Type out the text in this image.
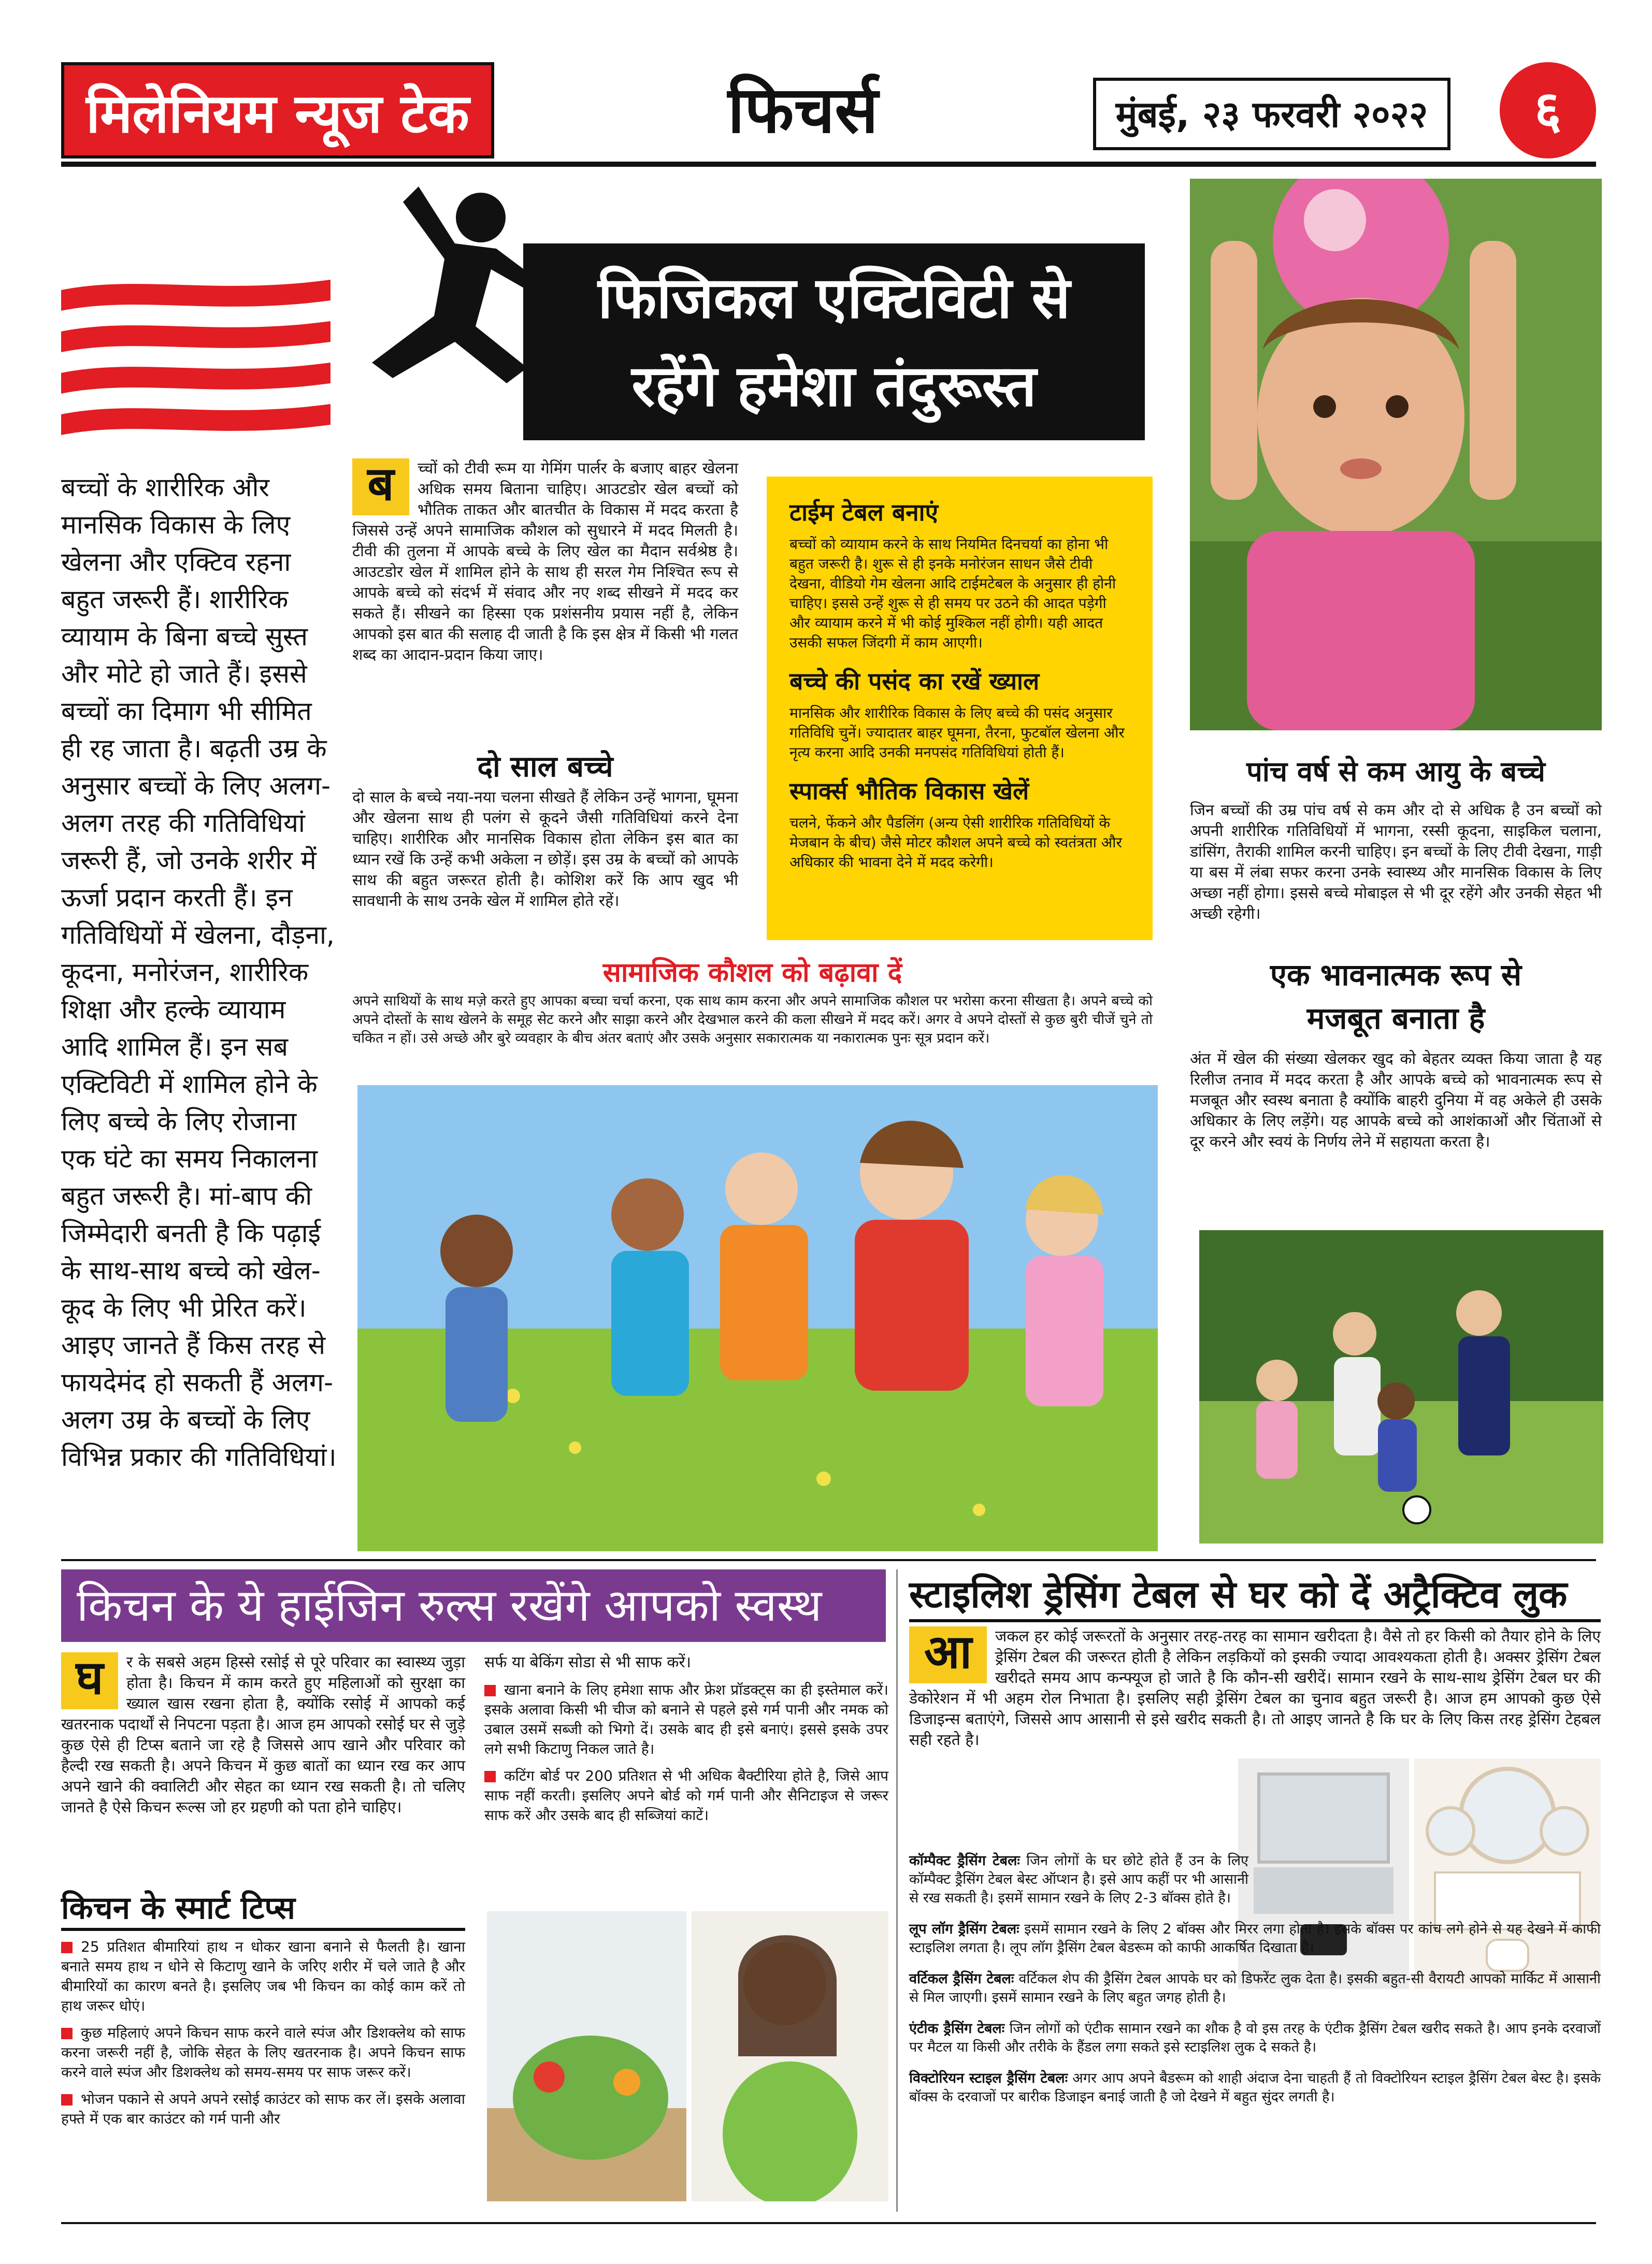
मिलेनियम न्यूज टेक	फिचर्स	मुंबई, २३ फरवरी २०२२	६
फिजिकल एक्टिविटी से
रहेंगे हमेशा तंदुरूस्त
बच्चों के शारीरिक और मानसिक विकास के लिए खेलना और एक्टिव रहना बहुत जरूरी हैं। शारीरिक व्यायाम के बिना बच्चे सुस्त और मोटे हो जाते हैं। इससे बच्चों का दिमाग भी सीमित ही रह जाता है। बढ़ती उम्र के अनुसार बच्चों के लिए अलग-अलग तरह की गतिविधियां जरूरी हैं, जो उनके शरीर में ऊर्जा प्रदान करती हैं। इन गतिविधियों में खेलना, दौड़ना, कूदना, मनोरंजन, शारीरिक शिक्षा और हल्के व्यायाम आदि शामिल हैं। इन सब एक्टिविटी में शामिल होने के लिए बच्चे के लिए रोजाना एक घंटे का समय निकालना बहुत जरूरी है। मां-बाप की जिम्मेदारी बनती है कि पढ़ाई के साथ-साथ बच्चे को खेल-कूद के लिए भी प्रेरित करें। आइए जानते हैं किस तरह से फायदेमंद हो सकती हैं अलग-अलग उम्र के बच्चों के लिए विभिन्न प्रकार की गतिविधियां।
ब	च्चों को टीवी रूम या गेमिंग पार्लर के बजाए बाहर खेलना अधिक समय बिताना चाहिए। आउटडोर खेल बच्चों को भौतिक ताकत और बातचीत के विकास में मदद करता है जिससे उन्हें अपने सामाजिक कौशल को सुधारने में मदद मिलती है। टीवी की तुलना में आपके बच्चे के लिए खेल का मैदान सर्वश्रेष्ठ है। आउटडोर खेल में शामिल होने के साथ ही सरल गेम निश्चित रूप से आपके बच्चे को संदर्भ में संवाद और नए शब्द सीखने में मदद कर सकते हैं। सीखने का हिस्सा एक प्रशंसनीय प्रयास नहीं है, लेकिन आपको इस बात की सलाह दी जाती है कि इस क्षेत्र में किसी भी गलत शब्द का आदान-प्रदान किया जाए।
दो साल बच्चे
दो साल के बच्चे नया-नया चलना सीखते हैं लेकिन उन्हें भागना, घूमना और खेलना साथ ही पलंग से कूदने जैसी गतिविधियां करने देना चाहिए। शारीरिक और मानसिक विकास होता लेकिन इस बात का ध्यान रखें कि उन्हें कभी अकेला न छोड़ें। इस उम्र के बच्चों को आपके साथ की बहुत जरूरत होती है। कोशिश करें कि आप खुद भी सावधानी के साथ उनके खेल में शामिल होते रहें।
टाईम टेबल बनाएं

बच्चों को व्यायाम करने के साथ नियमित दिनचर्या का होना भी बहुत जरूरी है। शुरू से ही इनके मनोरंजन साधन जैसे टीवी देखना, वीडियो गेम खेलना आदि टाईमटेबल के अनुसार ही होनी चाहिए। इससे उन्हें शुरू से ही समय पर उठने की आदत पड़ेगी और व्यायाम करने में भी कोई मुश्किल नहीं होगी। यही आदत उसकी सफल जिंदगी में काम आएगी।

बच्चे की पसंद का रखें ख्याल

मानसिक और शारीरिक विकास के लिए बच्चे की पसंद अनुसार गतिविधि चुनें। ज्यादातर बाहर घूमना, तैरना, फुटबॉल खेलना और नृत्य करना आदि उनकी मनपसंद गतिविधियां होती हैं।

स्पार्क्स भौतिक विकास खेलें

चलने, फेंकने और पैडलिंग (अन्य ऐसी शारीरिक गतिविधियों के मेजबान के बीच) जैसे मोटर कौशल अपने बच्चे को स्वतंत्रता और अधिकार की भावना देने में मदद करेगी।

पांच वर्ष से कम आयु के बच्चे
जिन बच्चों की उम्र पांच वर्ष से कम और दो से अधिक है उन बच्चों को अपनी शारीरिक गतिविधियों में भागना, रस्सी कूदना, साइकिल चलाना, डांसिंग, तैराकी शामिल करनी चाहिए। इन बच्चों के लिए टीवी देखना, गाड़ी या बस में लंबा सफर करना उनके स्वास्थ्य और मानसिक विकास के लिए अच्छा नहीं होगा। इससे बच्चे मोबाइल से भी दूर रहेंगे और उनकी सेहत भी अच्छी रहेगी।
एक भावनात्मक रूप से
मजबूत बनाता है
अंत में खेल की संख्या खेलकर खुद को बेहतर व्यक्त किया जाता है यह रिलीज तनाव में मदद करता है और आपके बच्चे को भावनात्मक रूप से मजबूत और स्वस्थ बनाता है क्योंकि बाहरी दुनिया में वह अकेले ही उसके अधिकार के लिए लड़ेंगे। यह आपके बच्चे को आशंकाओं और चिंताओं से दूर करने और स्वयं के निर्णय लेने में सहायता करता है।
सामाजिक कौशल को बढ़ावा दें
अपने साथियों के साथ मज़े करते हुए आपका बच्चा चर्चा करना, एक साथ काम करना और अपने सामाजिक कौशल पर भरोसा करना सीखता है। अपने बच्चे को अपने दोस्तों के साथ खेलने के समूह सेट करने और साझा करने और देखभाल करने की कला सीखने में मदद करें। अगर वे अपने दोस्तों से कुछ बुरी चीजें चुने तो चकित न हों। उसे अच्छे और बुरे व्यवहार के बीच अंतर बताएं और उसके अनुसार सकारात्मक या नकारात्मक पुनः सूत्र प्रदान करें।
किचन के ये हाईजिन रुल्स रखेंगे आपको स्वस्थ
घ	र के सबसे अहम हिस्से रसोई से पूरे परिवार का स्वास्थ्य जुड़ा होता है। किचन में काम करते हुए महिलाओं को सुरक्षा का ख्याल खास रखना होता है, क्योंकि रसोई में आपको कई खतरनाक पदार्थों से निपटना पड़ता है। आज हम आपको रसोई घर से जुड़े कुछ ऐसे ही टिप्स बताने जा रहे है जिससे आप खाने और परिवार को हैल्दी रख सकती है। अपने किचन में कुछ बातों का ध्यान रख कर आप अपने खाने की क्वालिटी और सेहत का ध्यान रख सकती है। तो चलिए जानते है ऐसे किचन रूल्स जो हर ग्रहणी को पता होने चाहिए।
सर्फ या बेकिंग सोडा से भी साफ करें।
खाना बनाने के लिए हमेशा साफ और फ्रेश प्रॉडक्ट्स का ही इस्तेमाल करें। इसके अलावा किसी भी चीज को बनाने से पहले इसे गर्म पानी और नमक को उबाल उसमें सब्जी को भिगो दें। उसके बाद ही इसे बनाएं। इससे इसके उपर लगे सभी किटाणु निकल जाते है।
कटिंग बोर्ड पर 200 प्रतिशत से भी अधिक बैक्टीरिया होते है, जिसे आप साफ नहीं करती। इसलिए अपने बोर्ड को गर्म पानी और सैनिटाइज से जरूर साफ करें और उसके बाद ही सब्जियां काटें।
किचन के स्मार्ट टिप्स
25 प्रतिशत बीमारियां हाथ न धोकर खाना बनाने से फैलती है। खाना बनाते समय हाथ न धोने से किटाणु खाने के जरिए शरीर में चले जाते है और बीमारियों का कारण बनते है। इसलिए जब भी किचन का कोई काम करें तो हाथ जरूर धोएं।
कुछ महिलाएं अपने किचन साफ करने वाले स्पंज और डिशक्लेथ को साफ करना जरूरी नहीं है, जोकि सेहत के लिए खतरनाक है। अपने किचन साफ करने वाले स्पंज और डिशक्लेथ को समय-समय पर साफ जरूर करें।
भोजन पकाने से अपने अपने रसोई काउंटर को साफ कर लें। इसके अलावा हफ्ते में एक बार काउंटर को गर्म पानी और
स्टाइलिश ड्रेसिंग टेबल से घर को दें अट्रैक्टिव लुक
आ	जकल हर कोई जरूरतों के अनुसार तरह-तरह का सामान खरीदता है। वैसे तो हर किसी को तैयार होने के लिए ड्रेसिंग टेबल की जरूरत होती है लेकिन लड़कियों को इसकी ज्यादा आवश्यकता होती है। अक्सर ड्रेसिंग टेबल खरीदते समय आप कन्फ्यूज हो जाते है कि कौन-सी खरीदें। सामान रखने के साथ-साथ ड्रेसिंग टेबल घर की डेकोरेशन में भी अहम रोल निभाता है। इसलिए सही ड्रेसिंग टेबल का चुनाव बहुत जरूरी है। आज हम आपको कुछ ऐसे डिजाइन्स बताएंगे, जिससे आप आसानी से इसे खरीद सकती है। तो आइए जानते है कि घर के लिए किस तरह ड्रेसिंग टेहबल सही रहते है।

कॉम्पैक्ट ड्रैसिंग टेबलः जिन लोगों के घर छोटे होते हैं उन के लिए कॉम्पैक्ट ड्रैसिंग टेबल बेस्ट ऑप्शन है। इसे आप कहीं पर भी आसानी से रख सकती है। इसमें सामान रखने के लिए 2-3 बॉक्स होते है।

लूप लॉग ड्रैसिंग टेबलः इसमें सामान रखने के लिए 2 बॉक्स और मिरर लगा होता है। इसके बॉक्स पर कांच लगे होने से यह देखने में काफी स्टाइलिश लगता है। लूप लॉग ड्रैसिंग टेबल बेडरूम को काफी आकर्षित दिखाता है।

वर्टिकल ड्रैसिंग टेबलः वर्टिकल शेप की ड्रैसिंग टेबल आपके घर को डिफरेंट लुक देता है। इसकी बहुत-सी वैरायटी आपको मार्किट में आसानी से मिल जाएगी। इसमें सामान रखने के लिए बहुत जगह होती है।

एंटीक ड्रैसिंग टेबलः जिन लोगों को एंटीक सामान रखने का शौक है वो इस तरह के एंटीक ड्रैसिंग टेबल खरीद सकते है। आप इनके दरवाजों पर मैटल या किसी और तरीके के हैंडल लगा सकते इसे स्टाइलिश लुक दे सकते है।

विक्टोरियन स्टाइल ड्रैसिंग टेबलः अगर आप अपने बैडरूम को शाही अंदाज देना चाहती हैं तो विक्टोरियन स्टाइल ड्रैसिंग टेबल बेस्ट है। इसके बॉक्स के दरवाजों पर बारीक डिजाइन बनाई जाती है जो देखने में बहुत सुंदर लगती है।
